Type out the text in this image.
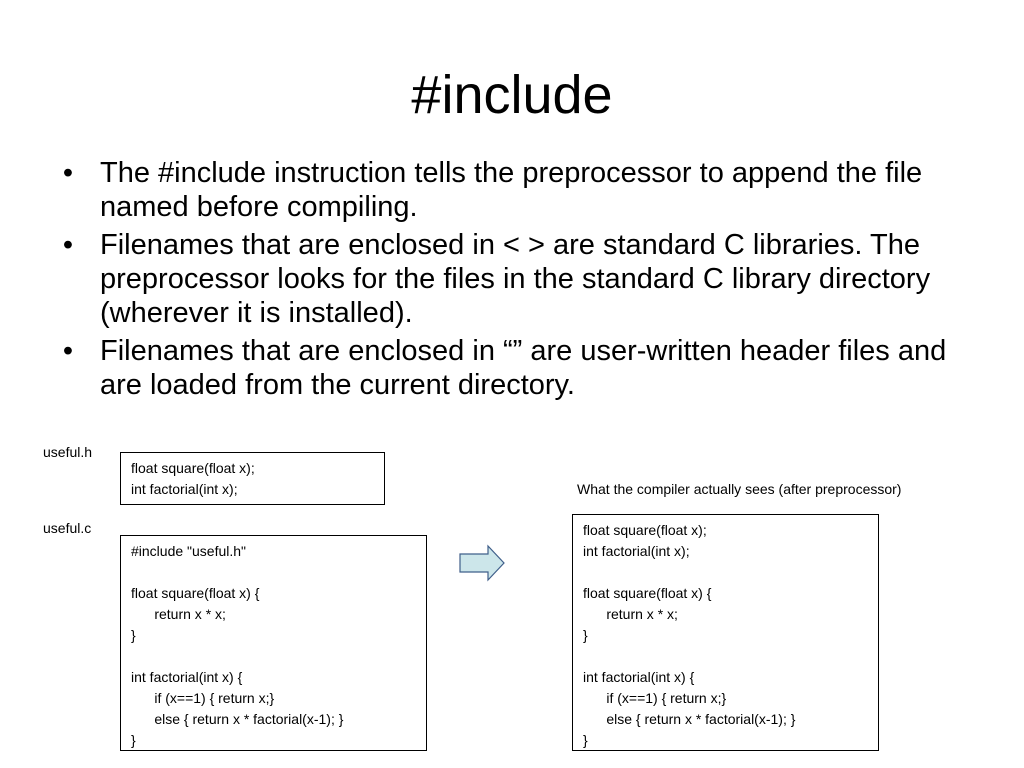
#include
• The #include instruction tells the preprocessor to append the file named before compiling.
• Filenames that are enclosed in < > are standard C libraries. The preprocessor looks for the files in the standard C library directory (wherever it is installed).
• Filenames that are enclosed in “” are user-written header files and are loaded from the current directory.
useful.h
float square(float x);
int factorial(int x);
useful.c
#include "useful.h"

float square(float x) {
return x * x;
}

int factorial(int x) {
if (x==1) { return x;}
else { return x * factorial(x-1); }
}
What the compiler actually sees (after preprocessor)
float square(float x);
int factorial(int x);

float square(float x) {
return x * x;
}

int factorial(int x) {
if (x==1) { return x;}
else { return x * factorial(x-1); }
}
